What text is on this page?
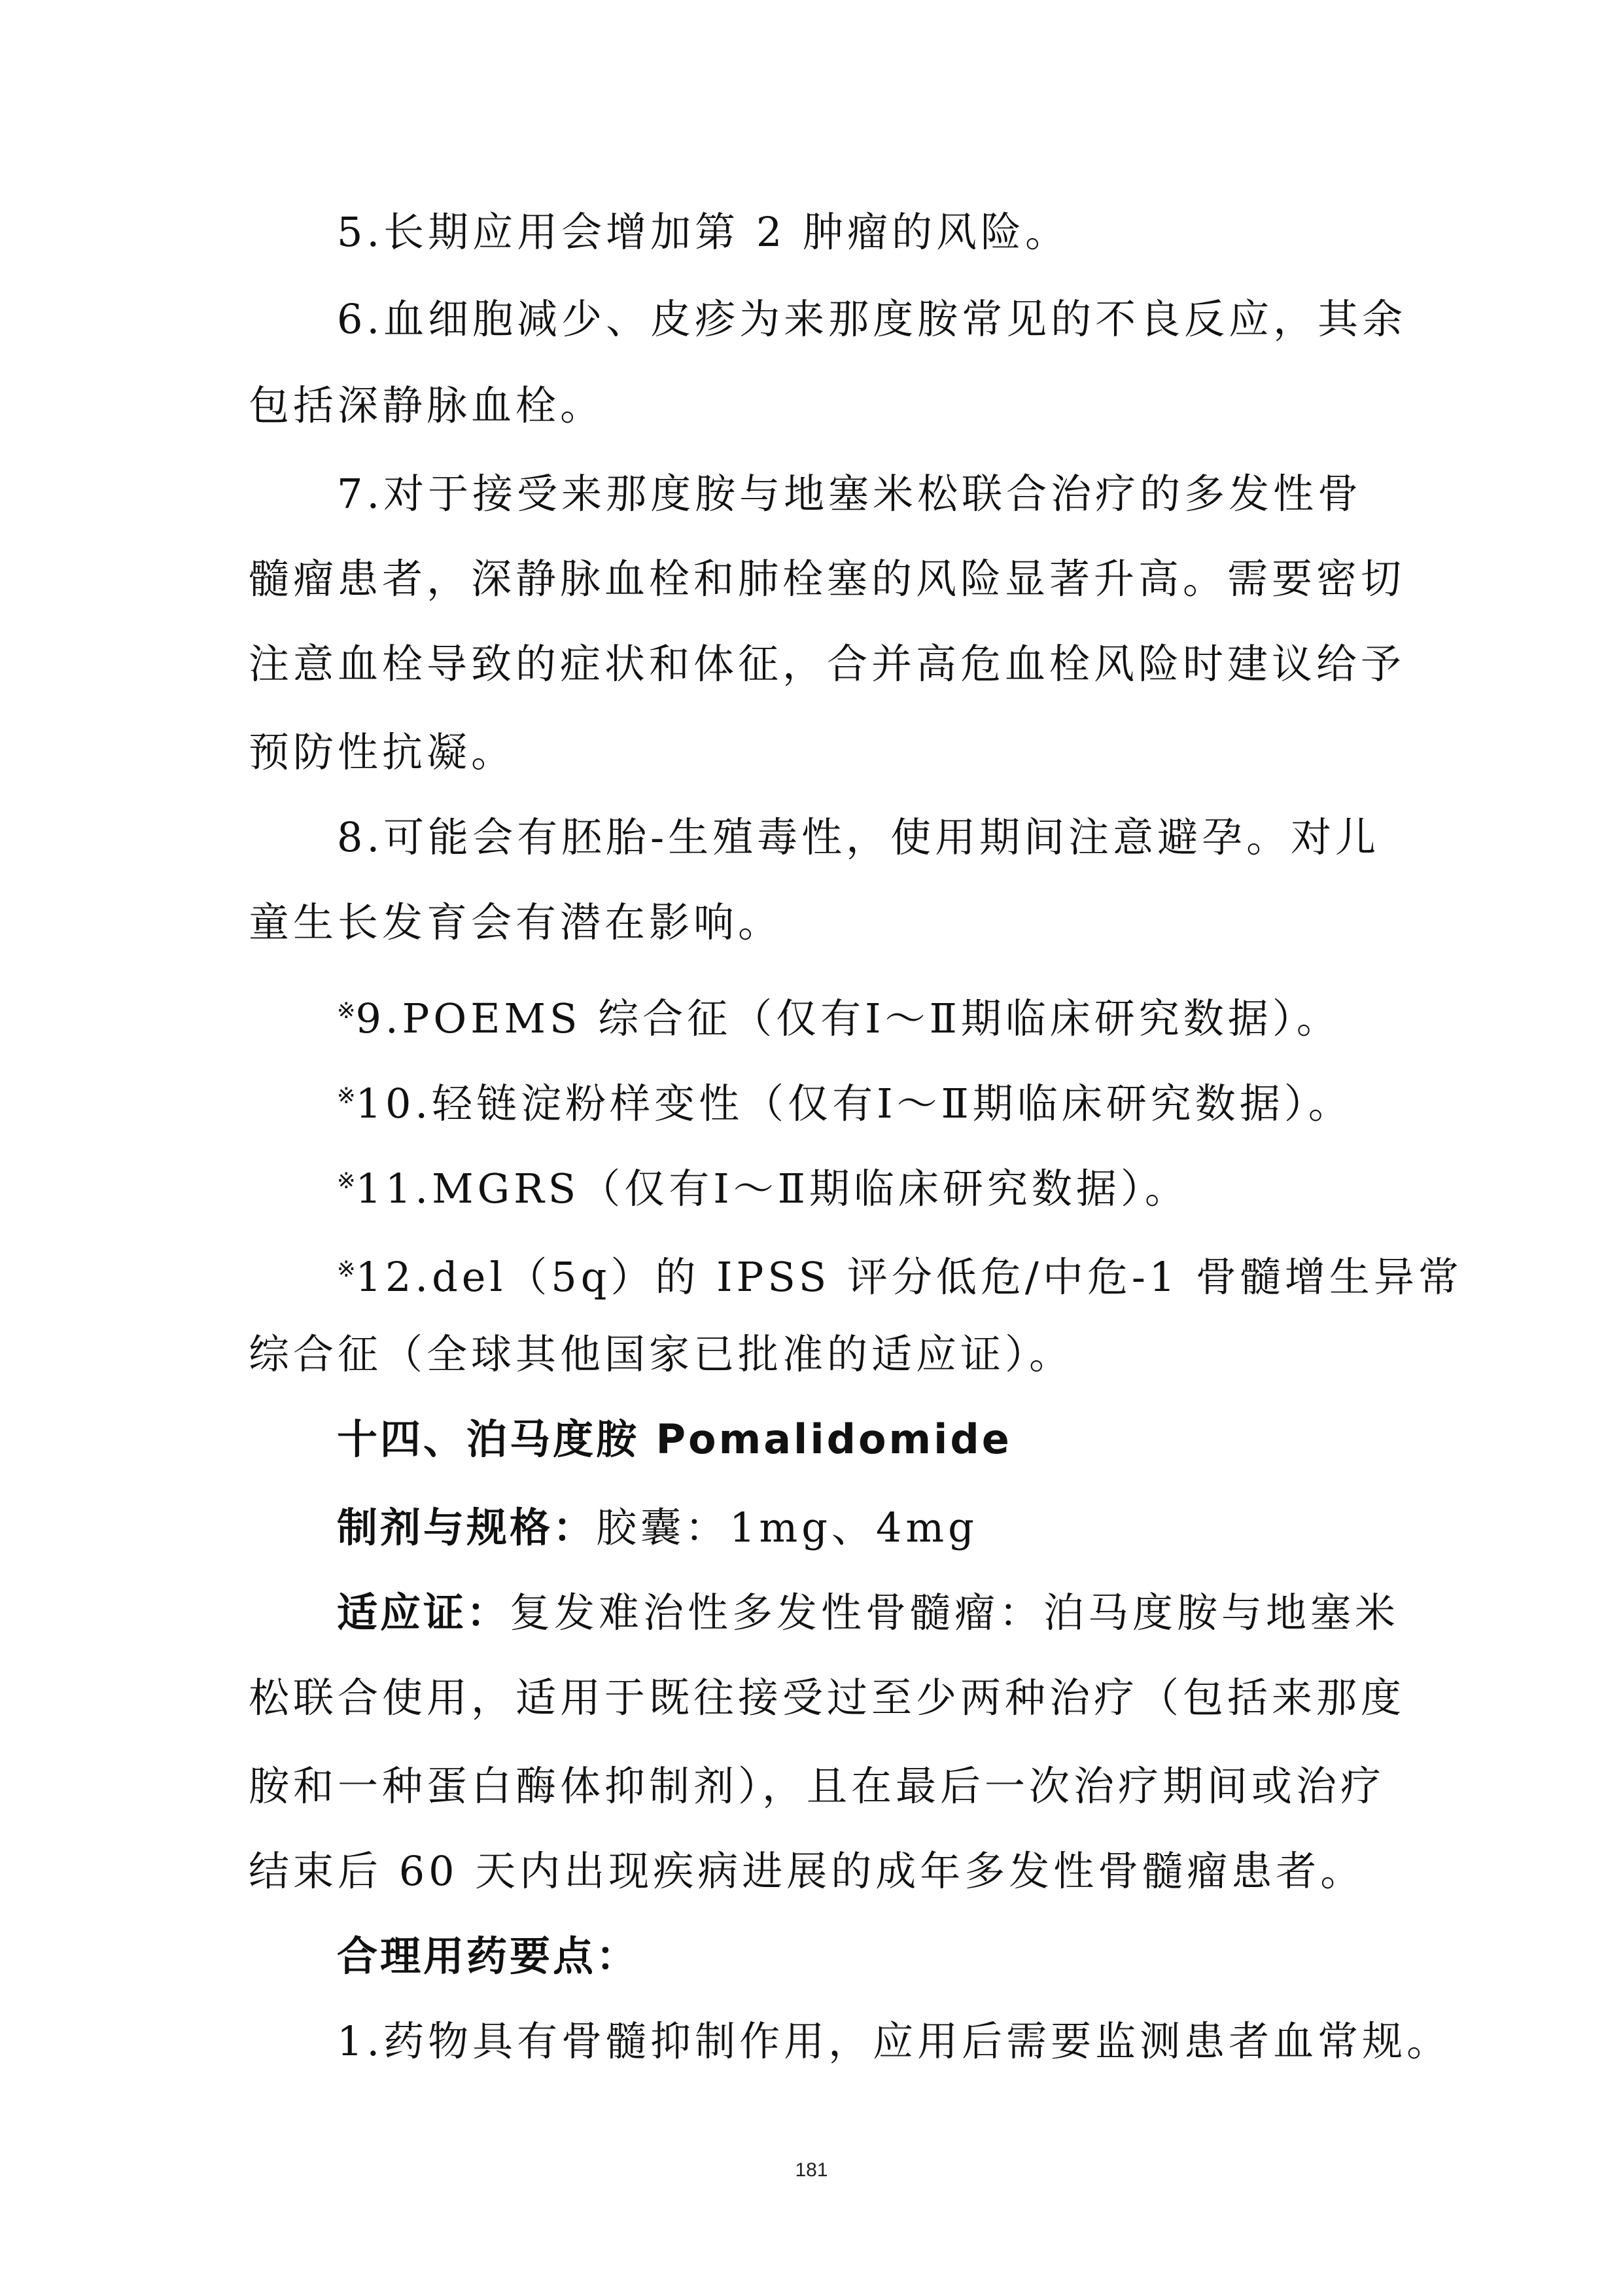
5.长期应用会增加第 2 肿瘤的风险。
6.血细胞减少、皮疹为来那度胺常见的不良反应，其余
包括深静脉血栓。
7.对于接受来那度胺与地塞米松联合治疗的多发性骨
髓瘤患者，深静脉血栓和肺栓塞的风险显著升高。需要密切
注意血栓导致的症状和体征，合并高危血栓风险时建议给予
预防性抗凝。
8.可能会有胚胎-生殖毒性，使用期间注意避孕。对儿
童生长发育会有潜在影响。
※9.POEMS 综合征（仅有Ⅰ～Ⅱ期临床研究数据）。
※10.轻链淀粉样变性（仅有Ⅰ～Ⅱ期临床研究数据）。
※11.MGRS（仅有Ⅰ～Ⅱ期临床研究数据）。
※12.del（5q）的 IPSS 评分低危/中危-1 骨髓增生异常
综合征（全球其他国家已批准的适应证）。
十四、泊马度胺 Pomalidomide
制剂与规格：胶囊：1mg、4mg
适应证：复发难治性多发性骨髓瘤：泊马度胺与地塞米
松联合使用，适用于既往接受过至少两种治疗（包括来那度
胺和一种蛋白酶体抑制剂），且在最后一次治疗期间或治疗
结束后 60 天内出现疾病进展的成年多发性骨髓瘤患者。
合理用药要点：
1.药物具有骨髓抑制作用，应用后需要监测患者血常规。
181
